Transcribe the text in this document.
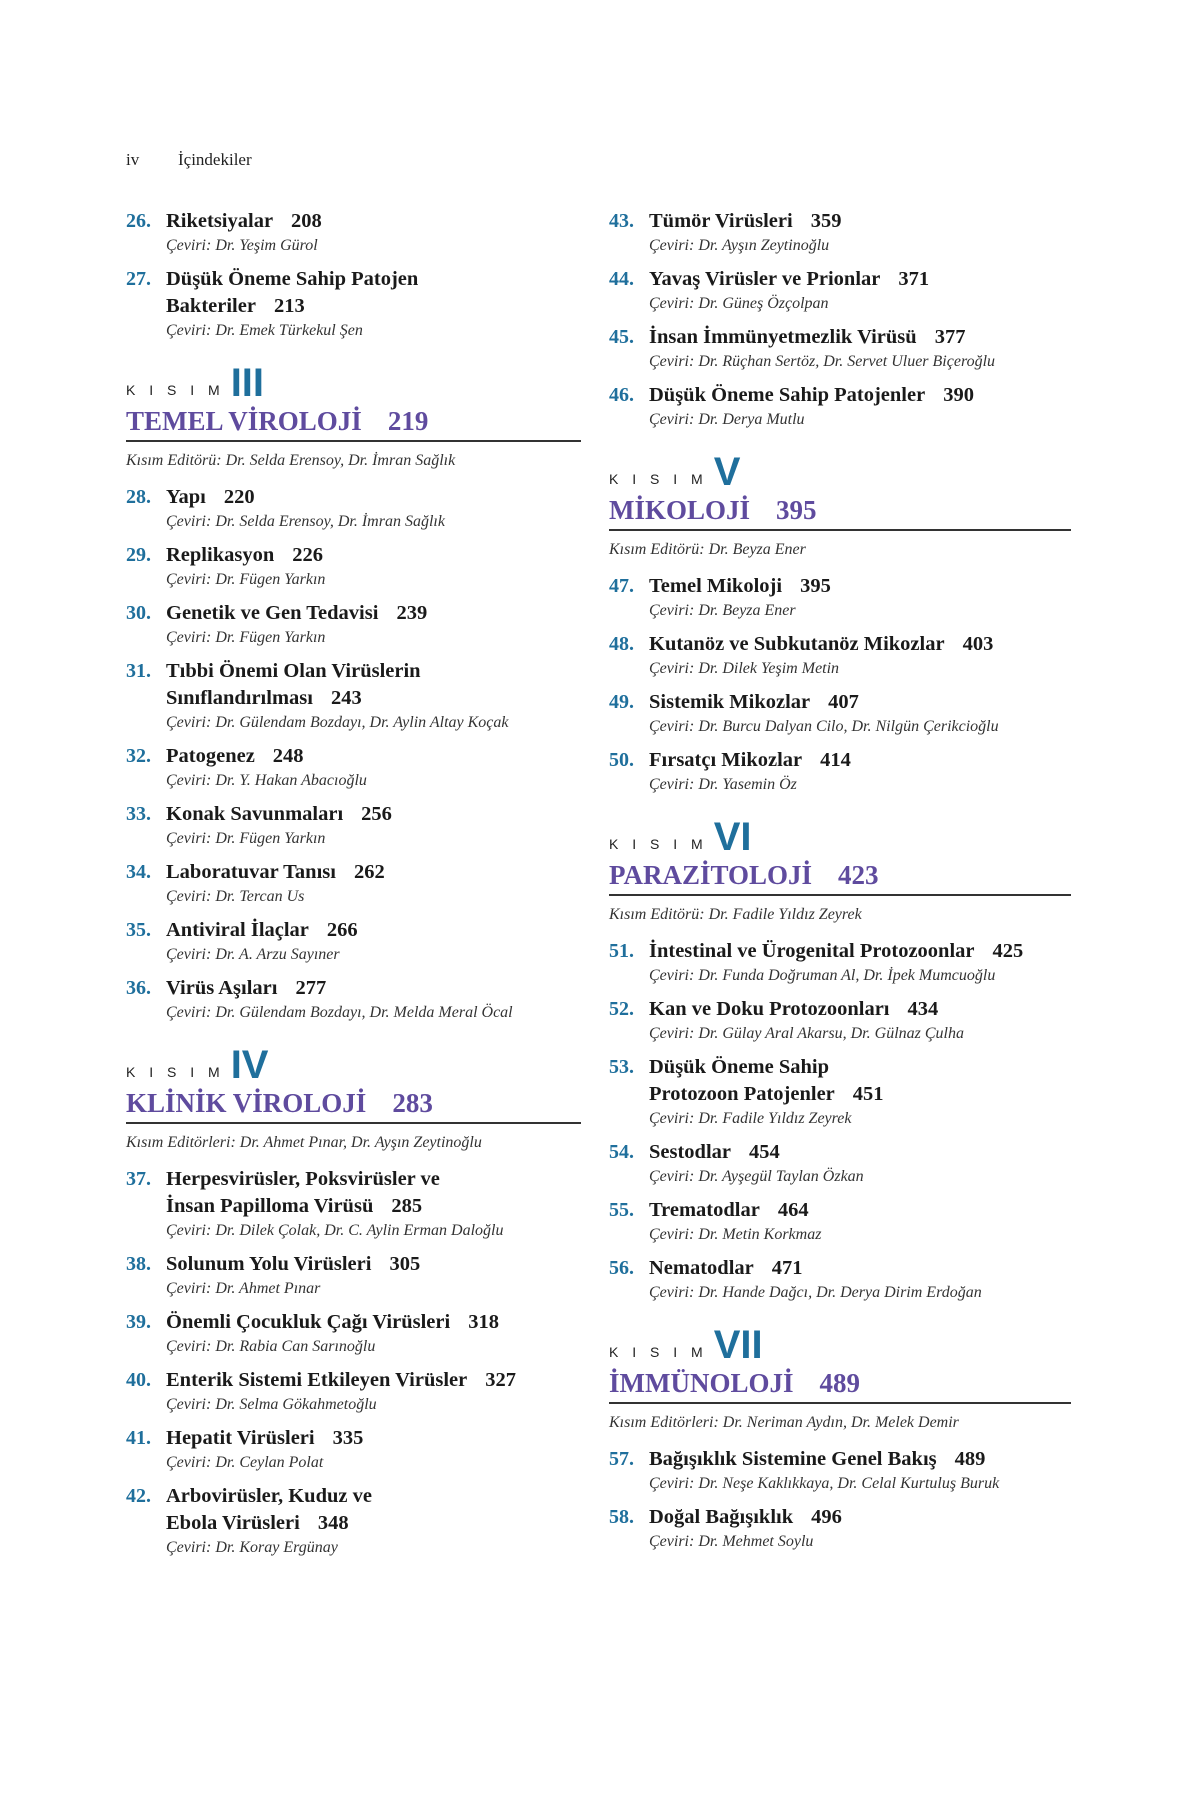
iv İçindekiler
26. Riketsiyalar 208
Çeviri: Dr. Yeşim Gürol
27. Düşük Öneme Sahip Patojen
Bakteriler 213
Çeviri: Dr. Emek Türkekul Şen
K I S I M III
TEMEL VİROLOJİ 219
Kısım Editörü: Dr. Selda Erensoy, Dr. İmran Sağlık
28. Yapı 220
Çeviri: Dr. Selda Erensoy, Dr. İmran Sağlık
29. Replikasyon 226
Çeviri: Dr. Fügen Yarkın
30. Genetik ve Gen Tedavisi 239
Çeviri: Dr. Fügen Yarkın
31. Tıbbi Önemi Olan Virüslerin
Sınıflandırılması 243
Çeviri: Dr. Gülendam Bozdayı, Dr. Aylin Altay Koçak
32. Patogenez 248
Çeviri: Dr. Y. Hakan Abacıoğlu
33. Konak Savunmaları 256
Çeviri: Dr. Fügen Yarkın
34. Laboratuvar Tanısı 262
Çeviri: Dr. Tercan Us
35. Antiviral İlaçlar 266
Çeviri: Dr. A. Arzu Sayıner
36. Virüs Aşıları 277
Çeviri: Dr. Gülendam Bozdayı, Dr. Melda Meral Öcal
K I S I M IV
KLİNİK VİROLOJİ 283
Kısım Editörleri: Dr. Ahmet Pınar, Dr. Ayşın Zeytinoğlu
37. Herpesvirüsler, Poksvirüsler ve
İnsan Papilloma Virüsü 285
Çeviri: Dr. Dilek Çolak, Dr. C. Aylin Erman Daloğlu
38. Solunum Yolu Virüsleri 305
Çeviri: Dr. Ahmet Pınar
39. Önemli Çocukluk Çağı Virüsleri 318
Çeviri: Dr. Rabia Can Sarınoğlu
40. Enterik Sistemi Etkileyen Virüsler 327
Çeviri: Dr. Selma Gökahmetoğlu
41. Hepatit Virüsleri 335
Çeviri: Dr. Ceylan Polat
42. Arbovirüsler, Kuduz ve
Ebola Virüsleri 348
Çeviri: Dr. Koray Ergünay
43. Tümör Virüsleri 359
Çeviri: Dr. Ayşın Zeytinoğlu
44. Yavaş Virüsler ve Prionlar 371
Çeviri: Dr. Güneş Özçolpan
45. İnsan İmmünyetmezlik Virüsü 377
Çeviri: Dr. Rüçhan Sertöz, Dr. Servet Uluer Biçeroğlu
46. Düşük Öneme Sahip Patojenler 390
Çeviri: Dr. Derya Mutlu
K I S I M V
MİKOLOJİ 395
Kısım Editörü: Dr. Beyza Ener
47. Temel Mikoloji 395
Çeviri: Dr. Beyza Ener
48. Kutanöz ve Subkutanöz Mikozlar 403
Çeviri: Dr. Dilek Yeşim Metin
49. Sistemik Mikozlar 407
Çeviri: Dr. Burcu Dalyan Cilo, Dr. Nilgün Çerikcioğlu
50. Fırsatçı Mikozlar 414
Çeviri: Dr. Yasemin Öz
K I S I M VI
PARAZİTOLOJİ 423
Kısım Editörü: Dr. Fadile Yıldız Zeyrek
51. İntestinal ve Ürogenital Protozoonlar 425
Çeviri: Dr. Funda Doğruman Al, Dr. İpek Mumcuoğlu
52. Kan ve Doku Protozoonları 434
Çeviri: Dr. Gülay Aral Akarsu, Dr. Gülnaz Çulha
53. Düşük Öneme Sahip
Protozoon Patojenler 451
Çeviri: Dr. Fadile Yıldız Zeyrek
54. Sestodlar 454
Çeviri: Dr. Ayşegül Taylan Özkan
55. Trematodlar 464
Çeviri: Dr. Metin Korkmaz
56. Nematodlar 471
Çeviri: Dr. Hande Dağcı, Dr. Derya Dirim Erdoğan
K I S I M VII
İMMÜNOLOJİ 489
Kısım Editörleri: Dr. Neriman Aydın, Dr. Melek Demir
57. Bağışıklık Sistemine Genel Bakış 489
Çeviri: Dr. Neşe Kaklıkkaya, Dr. Celal Kurtuluş Buruk
58. Doğal Bağışıklık 496
Çeviri: Dr. Mehmet Soylu
